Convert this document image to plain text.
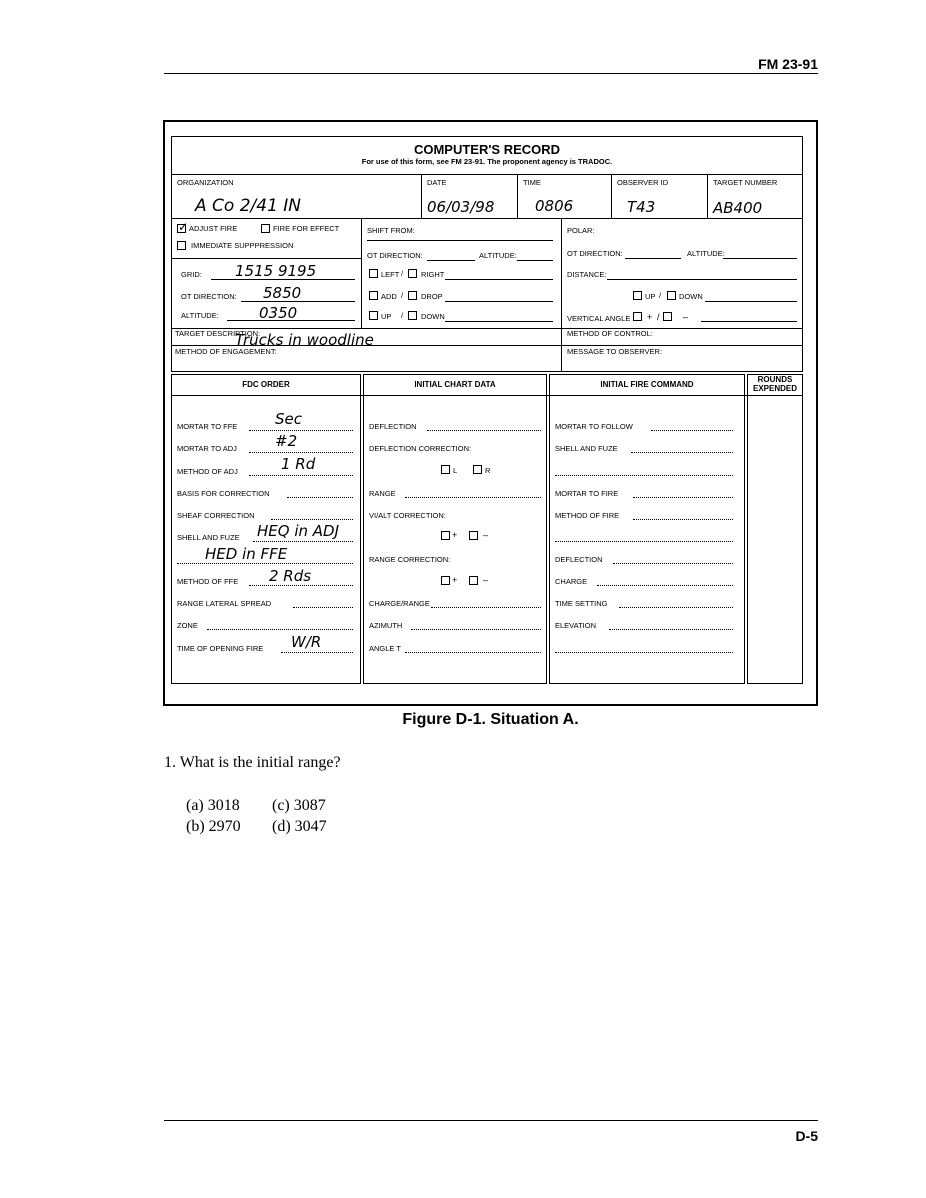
FM 23-91
COMPUTER'S RECORD
For use of this form, see FM 23-91. The proponent agency is TRADOC.
ORGANIZATION	DATE	TIME	OBSERVER ID	TARGET NUMBER
A Co 2/41 IN	06/03/98	0806	T43	AB400
✓
ADJUST FIRE	FIRE FOR EFFECT
IMMEDIATE SUPPPRESSION
GRID: 1515 9195
OT DIRECTION: 5850
ALTITUDE:	0350
SHIFT FROM:
OT DIRECTION:	ALTITUDE:
LEFT / RIGHT
ADD / DROP
UP / DOWN
POLAR:
OT DIRECTION:	ALTITUDE:
DISTANCE:
UP / DOWN
VERTICAL ANGLE + /	–
TARGET DESCRIPTION:
Trucks in woodline	METHOD OF CONTROL:
METHOD OF ENGAGEMENT:	MESSAGE TO OBSERVER:
FDC ORDER	INITIAL CHART DATA	INITIAL FIRE COMMAND
ROUNDS
EXPENDED
MORTAR TO FFE	Sec
MORTAR TO ADJ	#2
METHOD OF ADJ	1 Rd
BASIS FOR CORRECTION
SHEAF CORRECTION
SHELL AND FUZE HEQ in ADJ
HED in FFE
METHOD OF FFE 2 Rds
RANGE LATERAL SPREAD
ZONE
TIME OF OPENING FIRE W/R
DEFLECTION
DEFLECTION CORRECTION:
L	R
RANGE
VI/ALT CORRECTION:
+	–
RANGE CORRECTION:
+	–
CHARGE/RANGE
AZIMUTH
ANGLE T
MORTAR TO FOLLOW
SHELL AND FUZE
MORTAR TO FIRE
METHOD OF FIRE
DEFLECTION
CHARGE
TIME SETTING
ELEVATION
Figure D-1. Situation A.
1. What is the initial range?
(a) 3018 (c) 3087
(b) 2970 (d) 3047
D-5
